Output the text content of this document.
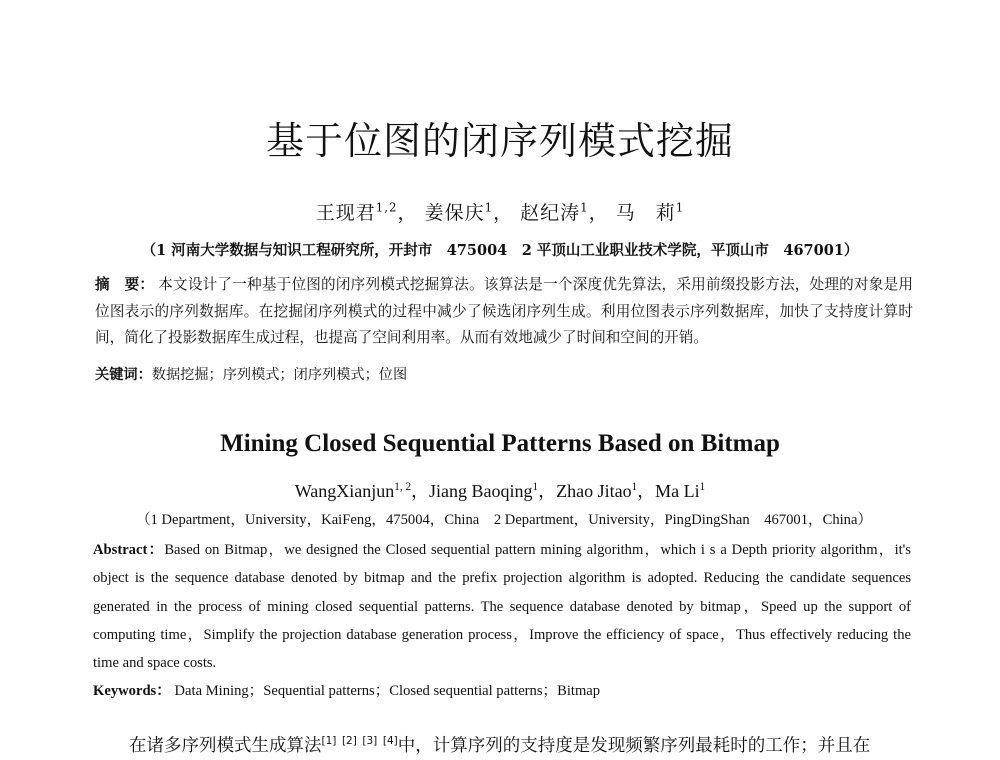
基于位图的闭序列模式挖掘
王现君$^{1,2}$， 姜保庆$^1$， 赵纪涛$^1$， 马　莉$^1$
（1 河南大学数据与知识工程研究所，开封市　475004　2 平顶山工业职业技术学院，平顶山市　467001）
摘　要： 本文设计了一种基于位图的闭序列模式挖掘算法。该算法是一个深度优先算法，采用前缀投影方法，处理的对象是用位图表示的序列数据库。在挖掘闭序列模式的过程中减少了候选闭序列生成。利用位图表示序列数据库，加快了支持度计算时间，简化了投影数据库生成过程，也提高了空间利用率。从而有效地减少了时间和空间的开销。
关键词：数据挖掘；序列模式；闭序列模式；位图
Mining Closed Sequential Patterns Based on Bitmap
WangXianjun$^{1, 2}$，Jiang Baoqing$^1$，Zhao Jitao$^1$，Ma Li$^1$
（1 Department，University，KaiFeng，475004，China　2 Department，University，PingDingShan　467001，China）
Abstract：Based on Bitmap，we designed the Closed sequential pattern mining algorithm，which i s a Depth priority algorithm，it's object is the sequence database denoted by bitmap and the prefix projection algorithm is adopted. Reducing the candidate sequences generated in the process of mining closed sequential patterns. The sequence database denoted by bitmap，Speed up the support of computing time，Simplify the projection database generation process，Improve the efficiency of space，Thus effectively reducing the time and space costs.
Keywords： Data Mining；Sequential patterns；Closed sequential patterns；Bitmap
在诸多序列模式生成算法[1] [2] [3] [4]中，计算序列的支持度是发现频繁序列最耗时的工作；并且在
